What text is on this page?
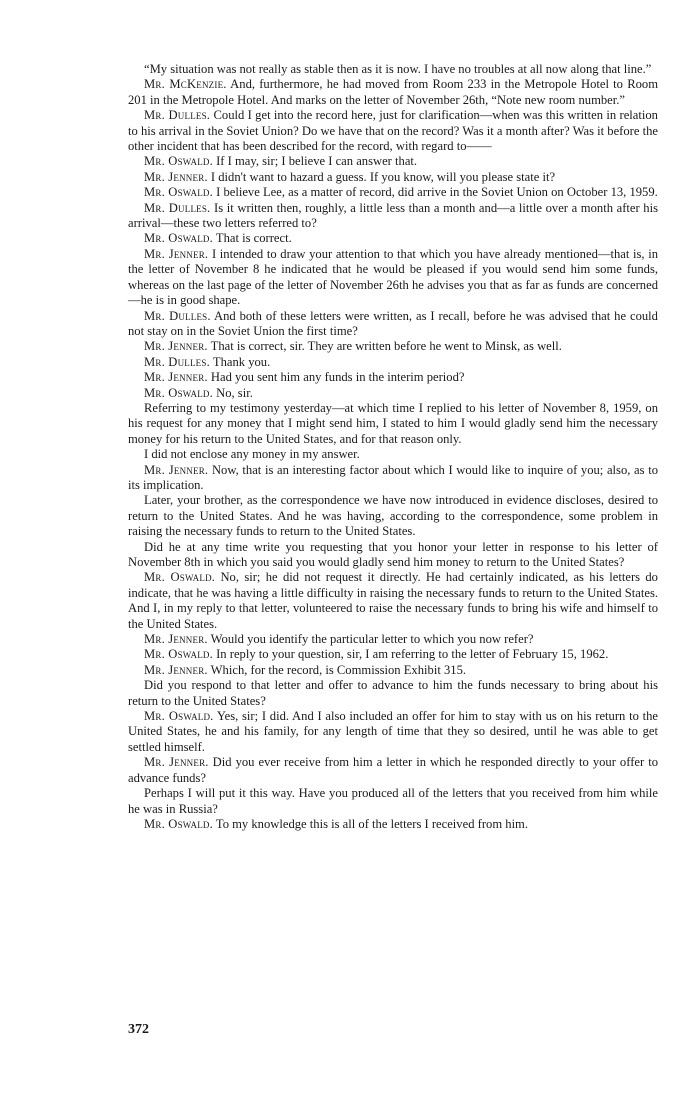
“My situation was not really as stable then as it is now. I have no troubles at all now along that line.”

Mr. McKenzie. And, furthermore, he had moved from Room 233 in the Metropole Hotel to Room 201 in the Metropole Hotel. And marks on the letter of November 26th, “Note new room number.”

Mr. Dulles. Could I get into the record here, just for clarification—when was this written in relation to his arrival in the Soviet Union? Do we have that on the record? Was it a month after? Was it before the other incident that has been described for the record, with regard to——

Mr. Oswald. If I may, sir; I believe I can answer that.

Mr. Jenner. I didn't want to hazard a guess. If you know, will you please state it?

Mr. Oswald. I believe Lee, as a matter of record, did arrive in the Soviet Union on October 13, 1959.

Mr. Dulles. Is it written then, roughly, a little less than a month and—a little over a month after his arrival—these two letters referred to?

Mr. Oswald. That is correct.

Mr. Jenner. I intended to draw your attention to that which you have already mentioned—that is, in the letter of November 8 he indicated that he would be pleased if you would send him some funds, whereas on the last page of the letter of November 26th he advises you that as far as funds are concerned—he is in good shape.

Mr. Dulles. And both of these letters were written, as I recall, before he was advised that he could not stay on in the Soviet Union the first time?

Mr. Jenner. That is correct, sir. They are written before he went to Minsk, as well.

Mr. Dulles. Thank you.

Mr. Jenner. Had you sent him any funds in the interim period?

Mr. Oswald. No, sir.

Referring to my testimony yesterday—at which time I replied to his letter of November 8, 1959, on his request for any money that I might send him, I stated to him I would gladly send him the necessary money for his return to the United States, and for that reason only.

I did not enclose any money in my answer.

Mr. Jenner. Now, that is an interesting factor about which I would like to inquire of you; also, as to its implication.

Later, your brother, as the correspondence we have now introduced in evidence discloses, desired to return to the United States. And he was having, according to the correspondence, some problem in raising the necessary funds to return to the United States.

Did he at any time write you requesting that you honor your letter in response to his letter of November 8th in which you said you would gladly send him money to return to the United States?

Mr. Oswald. No, sir; he did not request it directly. He had certainly indicated, as his letters do indicate, that he was having a little difficulty in raising the necessary funds to return to the United States. And I, in my reply to that letter, volunteered to raise the necessary funds to bring his wife and himself to the United States.

Mr. Jenner. Would you identify the particular letter to which you now refer?

Mr. Oswald. In reply to your question, sir, I am referring to the letter of February 15, 1962.

Mr. Jenner. Which, for the record, is Commission Exhibit 315.

Did you respond to that letter and offer to advance to him the funds necessary to bring about his return to the United States?

Mr. Oswald. Yes, sir; I did. And I also included an offer for him to stay with us on his return to the United States, he and his family, for any length of time that they so desired, until he was able to get settled himself.

Mr. Jenner. Did you ever receive from him a letter in which he responded directly to your offer to advance funds?

Perhaps I will put it this way. Have you produced all of the letters that you received from him while he was in Russia?

Mr. Oswald. To my knowledge this is all of the letters I received from him.

372
